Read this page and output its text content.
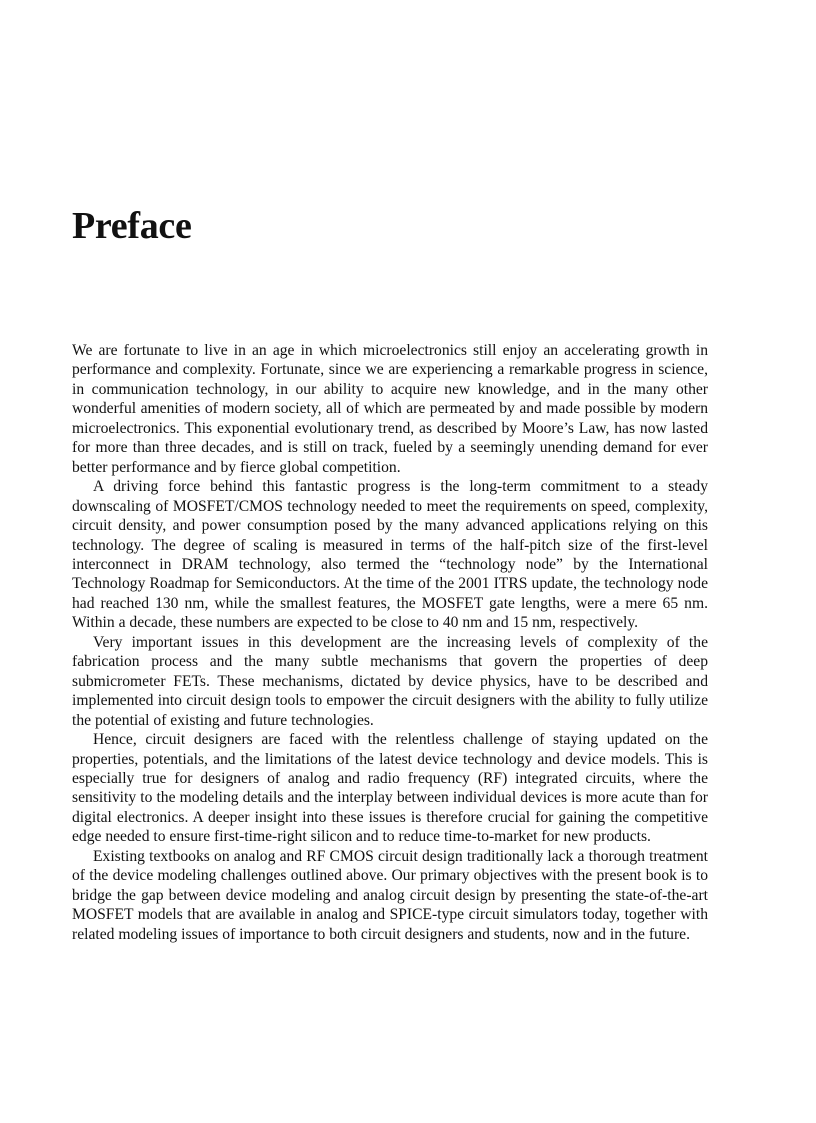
Preface

We are fortunate to live in an age in which microelectronics still enjoy an accelerating growth in performance and complexity. Fortunate, since we are experiencing a remarkable progress in science, in communication technology, in our ability to acquire new knowledge, and in the many other wonderful amenities of modern society, all of which are permeated by and made possible by modern microelectronics. This exponential evolutionary trend, as described by Moore’s Law, has now lasted for more than three decades, and is still on track, fueled by a seemingly unending demand for ever better performance and by fierce global competition.

A driving force behind this fantastic progress is the long-term commitment to a steady downscaling of MOSFET/CMOS technology needed to meet the requirements on speed, complexity, circuit density, and power consumption posed by the many advanced applications relying on this technology. The degree of scaling is measured in terms of the half-pitch size of the first-level interconnect in DRAM technology, also termed the “technology node” by the International Technology Roadmap for Semiconductors. At the time of the 2001 ITRS update, the technology node had reached 130 nm, while the smallest features, the MOSFET gate lengths, were a mere 65 nm. Within a decade, these numbers are expected to be close to 40 nm and 15 nm, respectively.

Very important issues in this development are the increasing levels of complexity of the fabrication process and the many subtle mechanisms that govern the properties of deep submicrometer FETs. These mechanisms, dictated by device physics, have to be described and implemented into circuit design tools to empower the circuit designers with the ability to fully utilize the potential of existing and future technologies.

Hence, circuit designers are faced with the relentless challenge of staying updated on the properties, potentials, and the limitations of the latest device technology and device models. This is especially true for designers of analog and radio frequency (RF) integrated circuits, where the sensitivity to the modeling details and the interplay between individual devices is more acute than for digital electronics. A deeper insight into these issues is therefore crucial for gaining the competitive edge needed to ensure first-time-right silicon and to reduce time-to-market for new products.

Existing textbooks on analog and RF CMOS circuit design traditionally lack a thorough treatment of the device modeling challenges outlined above. Our primary objectives with the present book is to bridge the gap between device modeling and analog circuit design by presenting the state-of-the-art MOSFET models that are available in analog and SPICE-type circuit simulators today, together with related modeling issues of importance to both circuit designers and students, now and in the future.
